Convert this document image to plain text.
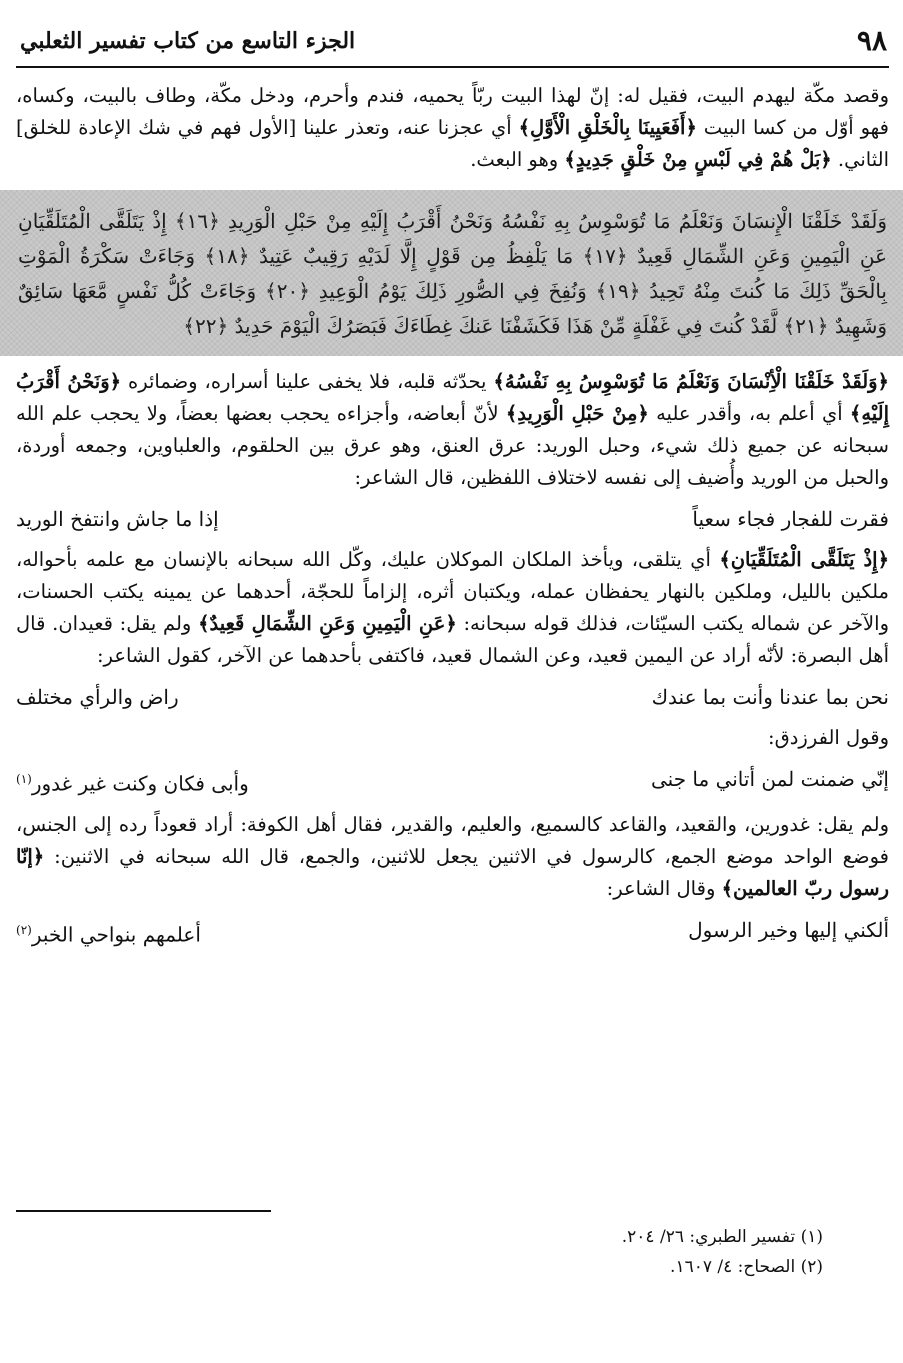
٩٨
الجزء التاسع من كتاب تفسير الثعلبي

وقصد مكّة ليهدم البيت، فقيل له: إنّ لهذا البيت ربّاً يحميه، فندم وأحرم، ودخل مكّة، وطاف بالبيت، وكساه، فهو أوّل من كسا البيت ﴿أَفَعَيِينَا بِالْخَلْقِ الْأَوَّلِ﴾ أي عجزنا عنه، وتعذر علينا [الأول فهم في شك الإعادة للخلق] الثاني. ﴿بَلْ هُمْ فِي لَبْسٍ مِنْ خَلْقٍ جَدِيدٍ﴾ وهو البعث.

وَلَقَدْ خَلَقْنَا الْإِنسَانَ وَنَعْلَمُ مَا تُوَسْوِسُ بِهِ نَفْسُهُ وَنَحْنُ أَقْرَبُ إِلَيْهِ مِنْ حَبْلِ الْوَرِيدِ ﴿١٦﴾ إِذْ يَتَلَقَّى الْمُتَلَقِّيَانِ عَنِ الْيَمِينِ وَعَنِ الشِّمَالِ قَعِيدٌ ﴿١٧﴾ مَا يَلْفِظُ مِن قَوْلٍ إِلَّا لَدَيْهِ رَقِيبٌ عَتِيدٌ ﴿١٨﴾ وَجَاءَتْ سَكْرَةُ الْمَوْتِ بِالْحَقِّ ذَلِكَ مَا كُنتَ مِنْهُ تَحِيدُ ﴿١٩﴾ وَنُفِخَ فِي الصُّورِ ذَلِكَ يَوْمُ الْوَعِيدِ ﴿٢٠﴾ وَجَاءَتْ كُلُّ نَفْسٍ مَّعَهَا سَائِقٌ وَشَهِيدٌ ﴿٢١﴾ لَّقَدْ كُنتَ فِي غَفْلَةٍ مِّنْ هَذَا فَكَشَفْنَا عَنكَ غِطَاءَكَ فَبَصَرُكَ الْيَوْمَ حَدِيدٌ ﴿٢٢﴾

﴿وَلَقَدْ خَلَقْنَا الْأِنْسَانَ وَنَعْلَمُ مَا تُوَسْوِسُ بِهِ نَفْسُهُ﴾ يحدّثه قلبه، فلا يخفى علينا أسراره، وضمائره ﴿وَنَحْنُ أَقْرَبُ إِلَيْهِ﴾ أي أعلم به، وأقدر عليه ﴿مِنْ حَبْلِ الْوَرِيدِ﴾ لأنّ أبعاضه، وأجزاءه يحجب بعضها بعضاً، ولا يحجب علم الله سبحانه عن جميع ذلك شيء، وحبل الوريد: عرق العنق، وهو عرق بين الحلقوم، والعلباوين، وجمعه أوردة، والحبل من الوريد وأُضيف إلى نفسه لاختلاف اللفظين، قال الشاعر:

فقرت للفجار فجاء سعياً
إذا ما جاش وانتفخ الوريد

﴿إِذْ يَتَلَقَّى الْمُتَلَقِّيَانِ﴾ أي يتلقى، ويأخذ الملكان الموكلان عليك، وكّل الله سبحانه بالإنسان مع علمه بأحواله، ملكين بالليل، وملكين بالنهار يحفظان عمله، ويكتبان أثره، إلزاماً للحجّة، أحدهما عن يمينه يكتب الحسنات، والآخر عن شماله يكتب السيّئات، فذلك قوله سبحانه: ﴿عَنِ الْيَمِينِ وَعَنِ الشِّمَالِ قَعِيدٌ﴾ ولم يقل: قعيدان. قال أهل البصرة: لأنّه أراد عن اليمين قعيد، وعن الشمال قعيد، فاكتفى بأحدهما عن الآخر، كقول الشاعر:

نحن بما عندنا وأنت بما عندك
راض والرأي مختلف

وقول الفرزدق:

إنّي ضمنت لمن أتاني ما جنى
وأبى فكان وكنت غير غدور$^{(١)}$

ولم يقل: غدورين، والقعيد، والقاعد كالسميع، والعليم، والقدير، فقال أهل الكوفة: أراد قعوداً رده إلى الجنس، فوضع الواحد موضع الجمع، كالرسول في الاثنين يجعل للاثنين، والجمع، قال الله سبحانه في الاثنين: ﴿إنّا رسول ربّ العالمين﴾ وقال الشاعر:

ألكني إليها وخير الرسول
أعلمهم بنواحي الخبر$^{(٢)}$

(١) تفسير الطبري: ٢٦/ ٢٠٤.

(٢) الصحاح: ٤/ ١٦٠٧.
